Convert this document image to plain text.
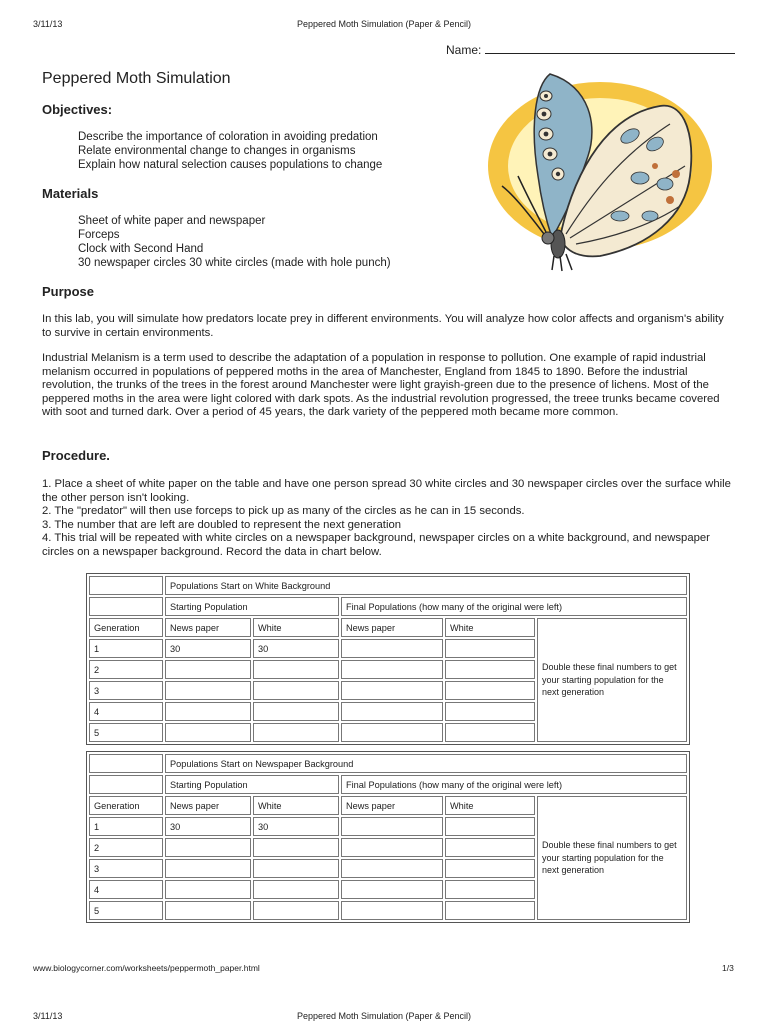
3/11/13	Peppered Moth Simulation (Paper & Pencil)
Name:
Peppered Moth Simulation
Objectives:
Describe the importance of coloration in avoiding predation
Relate environmental change to changes in organisms
Explain how natural selection causes populations to change
Materials
Sheet of white paper and newspaper
Forceps
Clock with Second Hand
30 newspaper circles 30 white circles (made with hole punch)
Purpose

In this lab, you will simulate how predators locate prey in different environments. You will analyze how color affects and organism's ability to survive in certain environments.

Industrial Melanism is a term used to describe the adaptation of a population in response to pollution. One example of rapid industrial melanism occurred in populations of peppered moths in the area of Manchester, England from 1845 to 1890. Before the industrial revolution, the trunks of the trees in the forest around Manchester were light grayish-green due to the presence of lichens. Most of the peppered moths in the area were light colored with dark spots. As the industrial revolution progressed, the treee trunks became covered with soot and turned dark. Over a period of 45 years, the dark variety of the peppered moth became more common.

Procedure.
1. Place a sheet of white paper on the table and have one person spread 30 white circles and 30 newspaper circles over the surface while the other person isn't looking.
2. The "predator" will then use forceps to pick up as many of the circles as he can in 15 seconds.
3. The number that are left are doubled to represent the next generation
4. This trial will be repeated with white circles on a newspaper background, newspaper circles on a white background, and newspaper circles on a newspaper background. Record the data in chart below.
	Populations Start on White Background				
	Starting Population		Final Populations (how many of the original were left)		
Generation	News paper	White	News paper	White	Double these final numbers to get your starting population for the next generation
1	30	30			
2					
3					
4					
5					
	Populations Start on Newspaper Background				
	Starting Population		Final Populations (how many of the original were left)		
Generation	News paper	White	News paper	White	Double these final numbers to get your starting population for the next generation
1	30	30			
2					
3					
4					
5					
www.biologycorner.com/worksheets/peppermoth_paper.html	1/3
3/11/13	Peppered Moth Simulation (Paper & Pencil)
